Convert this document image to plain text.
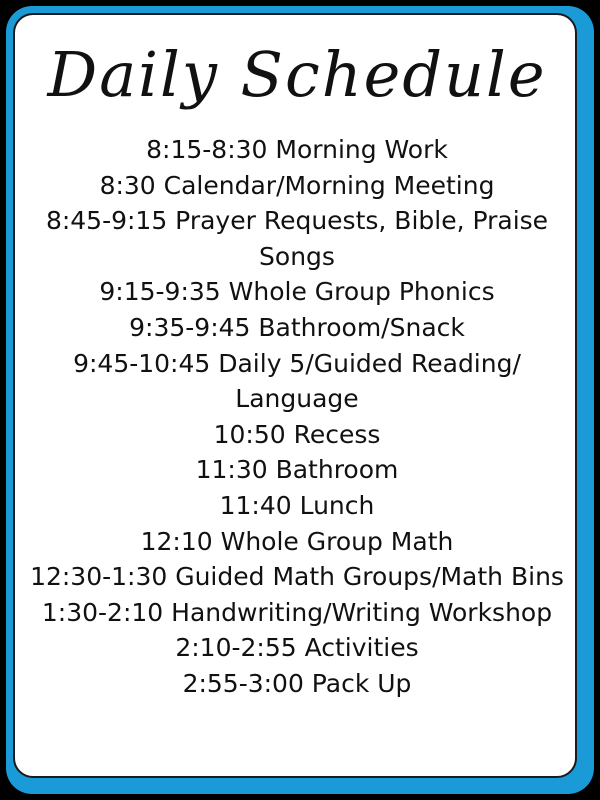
Daily Schedule
8:15-8:30 Morning Work
8:30 Calendar/Morning Meeting
8:45-9:15 Prayer Requests, Bible, Praise Songs
9:15-9:35 Whole Group Phonics
9:35-9:45 Bathroom/Snack
9:45-10:45 Daily 5/Guided Reading/ Language
10:50 Recess
11:30 Bathroom
11:40 Lunch
12:10 Whole Group Math
12:30-1:30 Guided Math Groups/Math Bins
1:30-2:10 Handwriting/Writing Workshop
2:10-2:55 Activities
2:55-3:00 Pack Up
